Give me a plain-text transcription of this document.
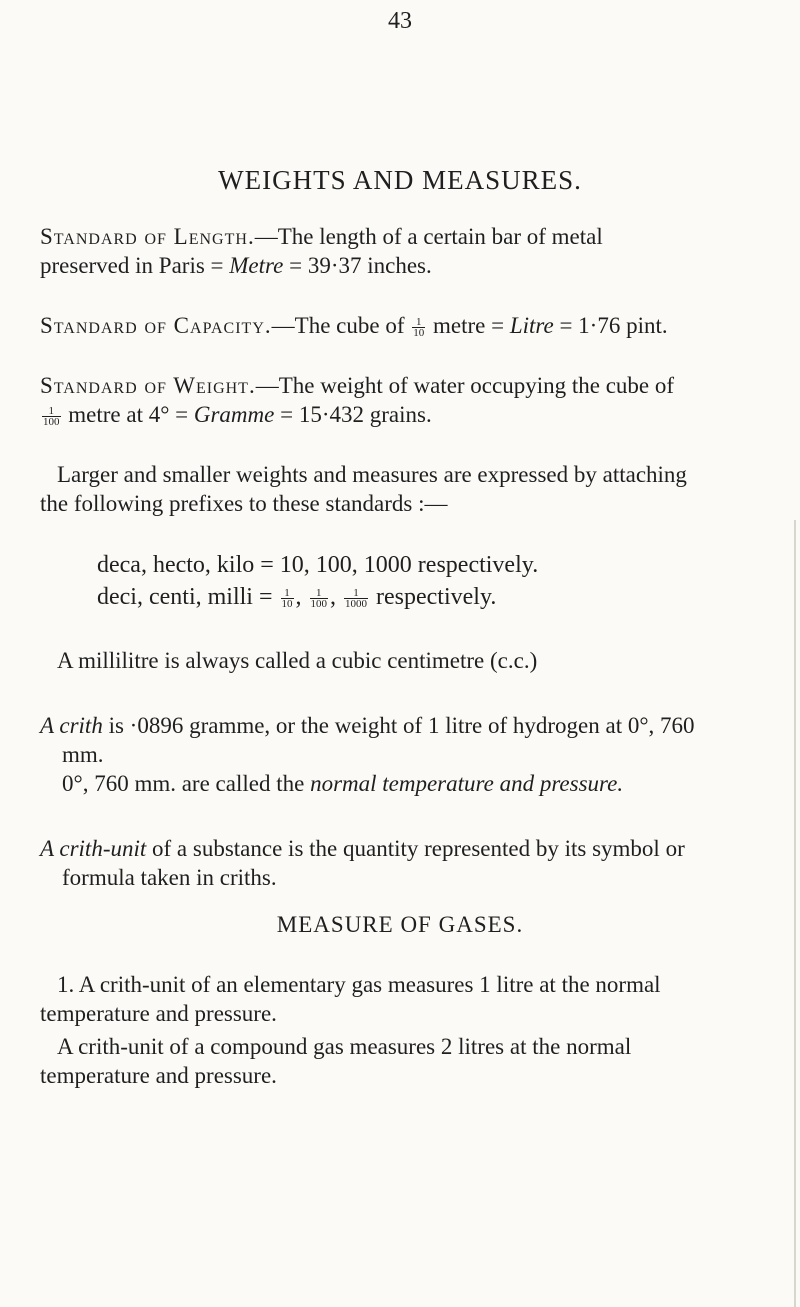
43
WEIGHTS AND MEASURES.
Standard of Length.—The length of a certain bar of metal preserved in Paris = Metre = 39·37 inches.
Standard of Capacity.—The cube of $\frac{1}{10}$ metre = Litre = 1·76 pint.
Standard of Weight.—The weight of water occupying the cube of
$\frac{1}{100}$ metre at 4° = Gramme = 15·432 grains.
Larger and smaller weights and measures are expressed by attaching the following prefixes to these standards :—
deca, hecto, kilo = 10, 100, 1000 respectively.
deci, centi, milli = $\frac{1}{10}$ , $\frac{1}{100}$ , $\frac{1}{1000}$ respectively.
A millilitre is always called a cubic centimetre (c.c.)
A crith is ·0896 gramme, or the weight of 1 litre of hydrogen at 0°, 760 mm.
0°, 760 mm. are called the normal temperature and pressure.
A crith-unit of a substance is the quantity represented by its symbol or formula taken in criths.
MEASURE OF GASES.
1. A crith-unit of an elementary gas measures 1 litre at the normal temperature and pressure.
A crith-unit of a compound gas measures 2 litres at the normal temperature and pressure.
